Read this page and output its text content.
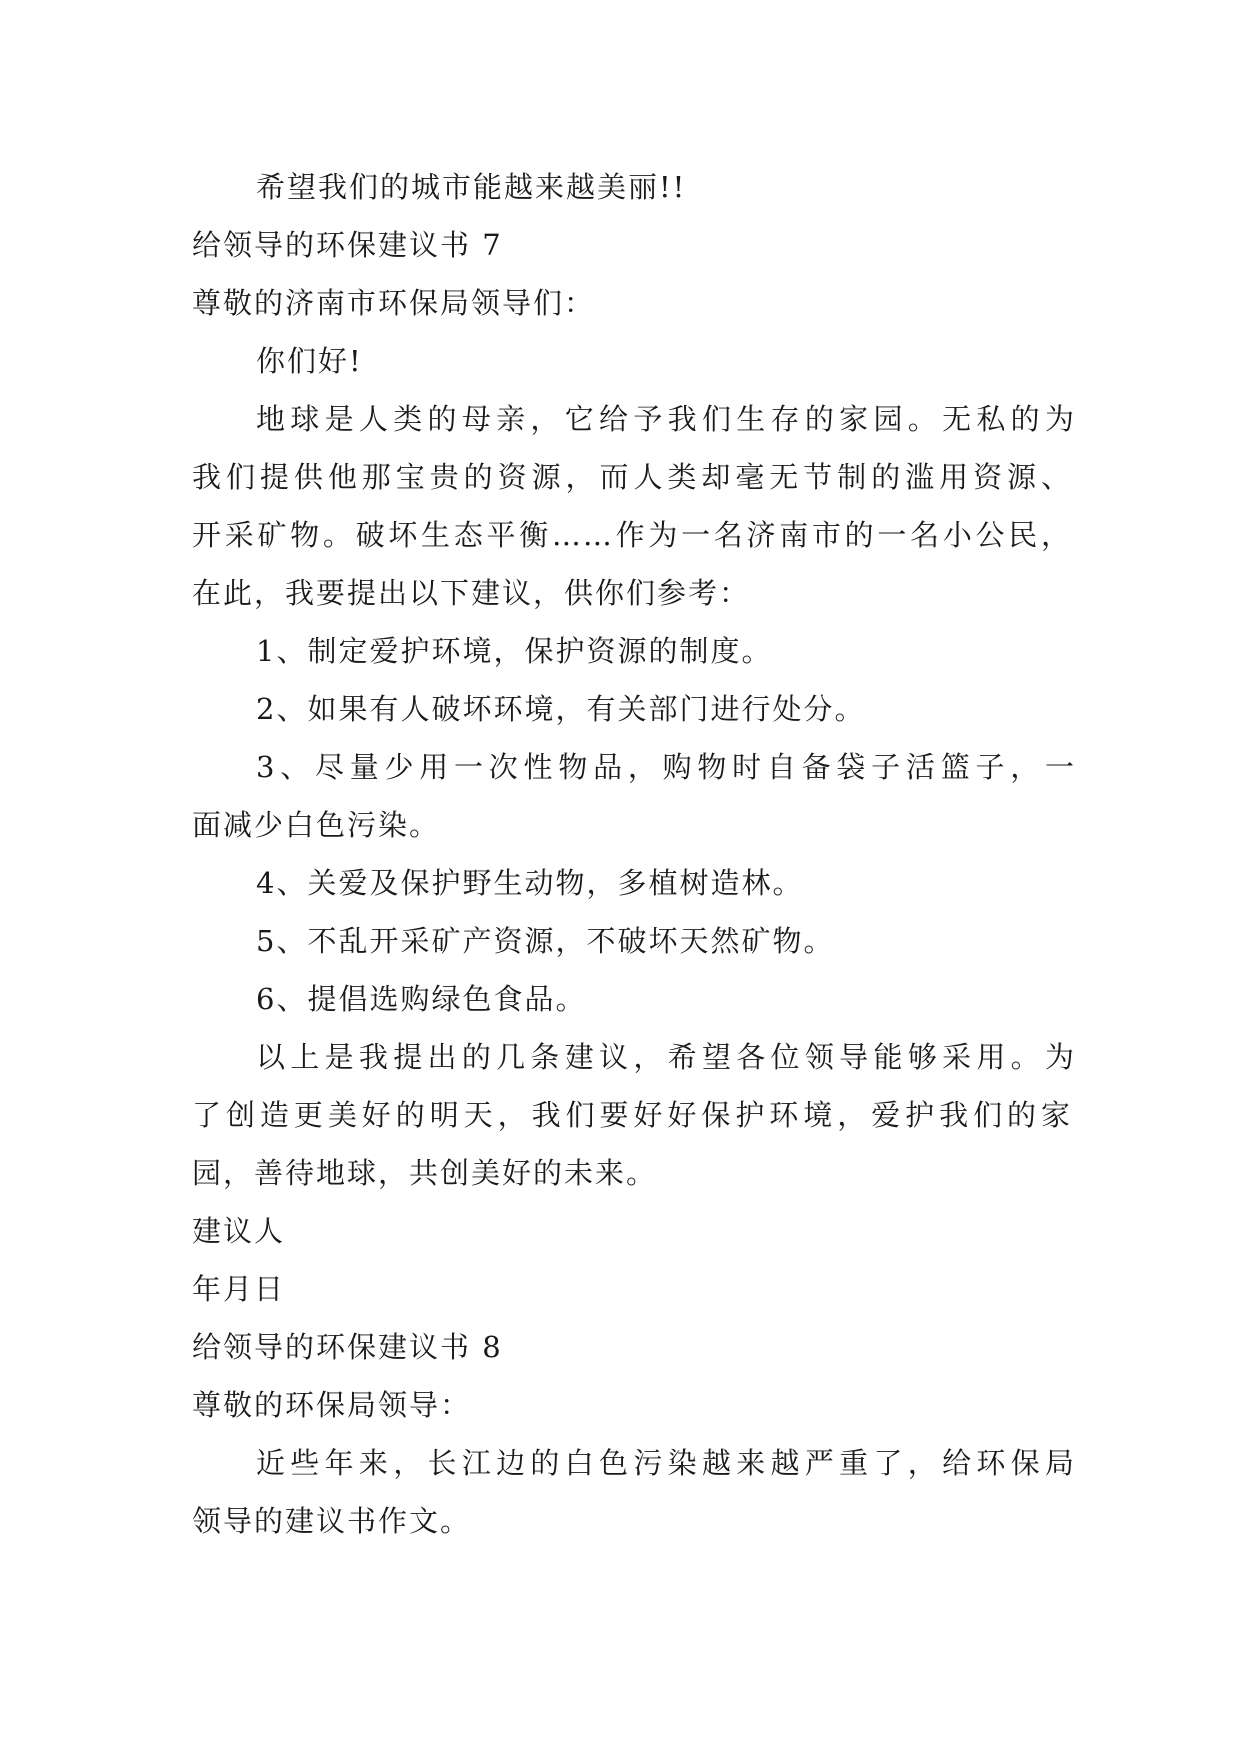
希望我们的城市能越来越美丽!!
给领导的环保建议书 7
尊敬的济南市环保局领导们：
你们好!
地球是人类的母亲，它给予我们生存的家园。无私的为
我们提供他那宝贵的资源，而人类却毫无节制的滥用资源、
开采矿物。破坏生态平衡……作为一名济南市的一名小公民，
在此，我要提出以下建议，供你们参考：
1、制定爱护环境，保护资源的制度。
2、如果有人破坏环境，有关部门进行处分。
3、尽量少用一次性物品，购物时自备袋子活篮子，一
面减少白色污染。
4、关爱及保护野生动物，多植树造林。
5、不乱开采矿产资源，不破坏天然矿物。
6、提倡选购绿色食品。
以上是我提出的几条建议，希望各位领导能够采用。为
了创造更美好的明天，我们要好好保护环境，爱护我们的家
园，善待地球，共创美好的未来。
建议人
年月日
给领导的环保建议书 8
尊敬的环保局领导：
近些年来，长江边的白色污染越来越严重了，给环保局
领导的建议书作文。
